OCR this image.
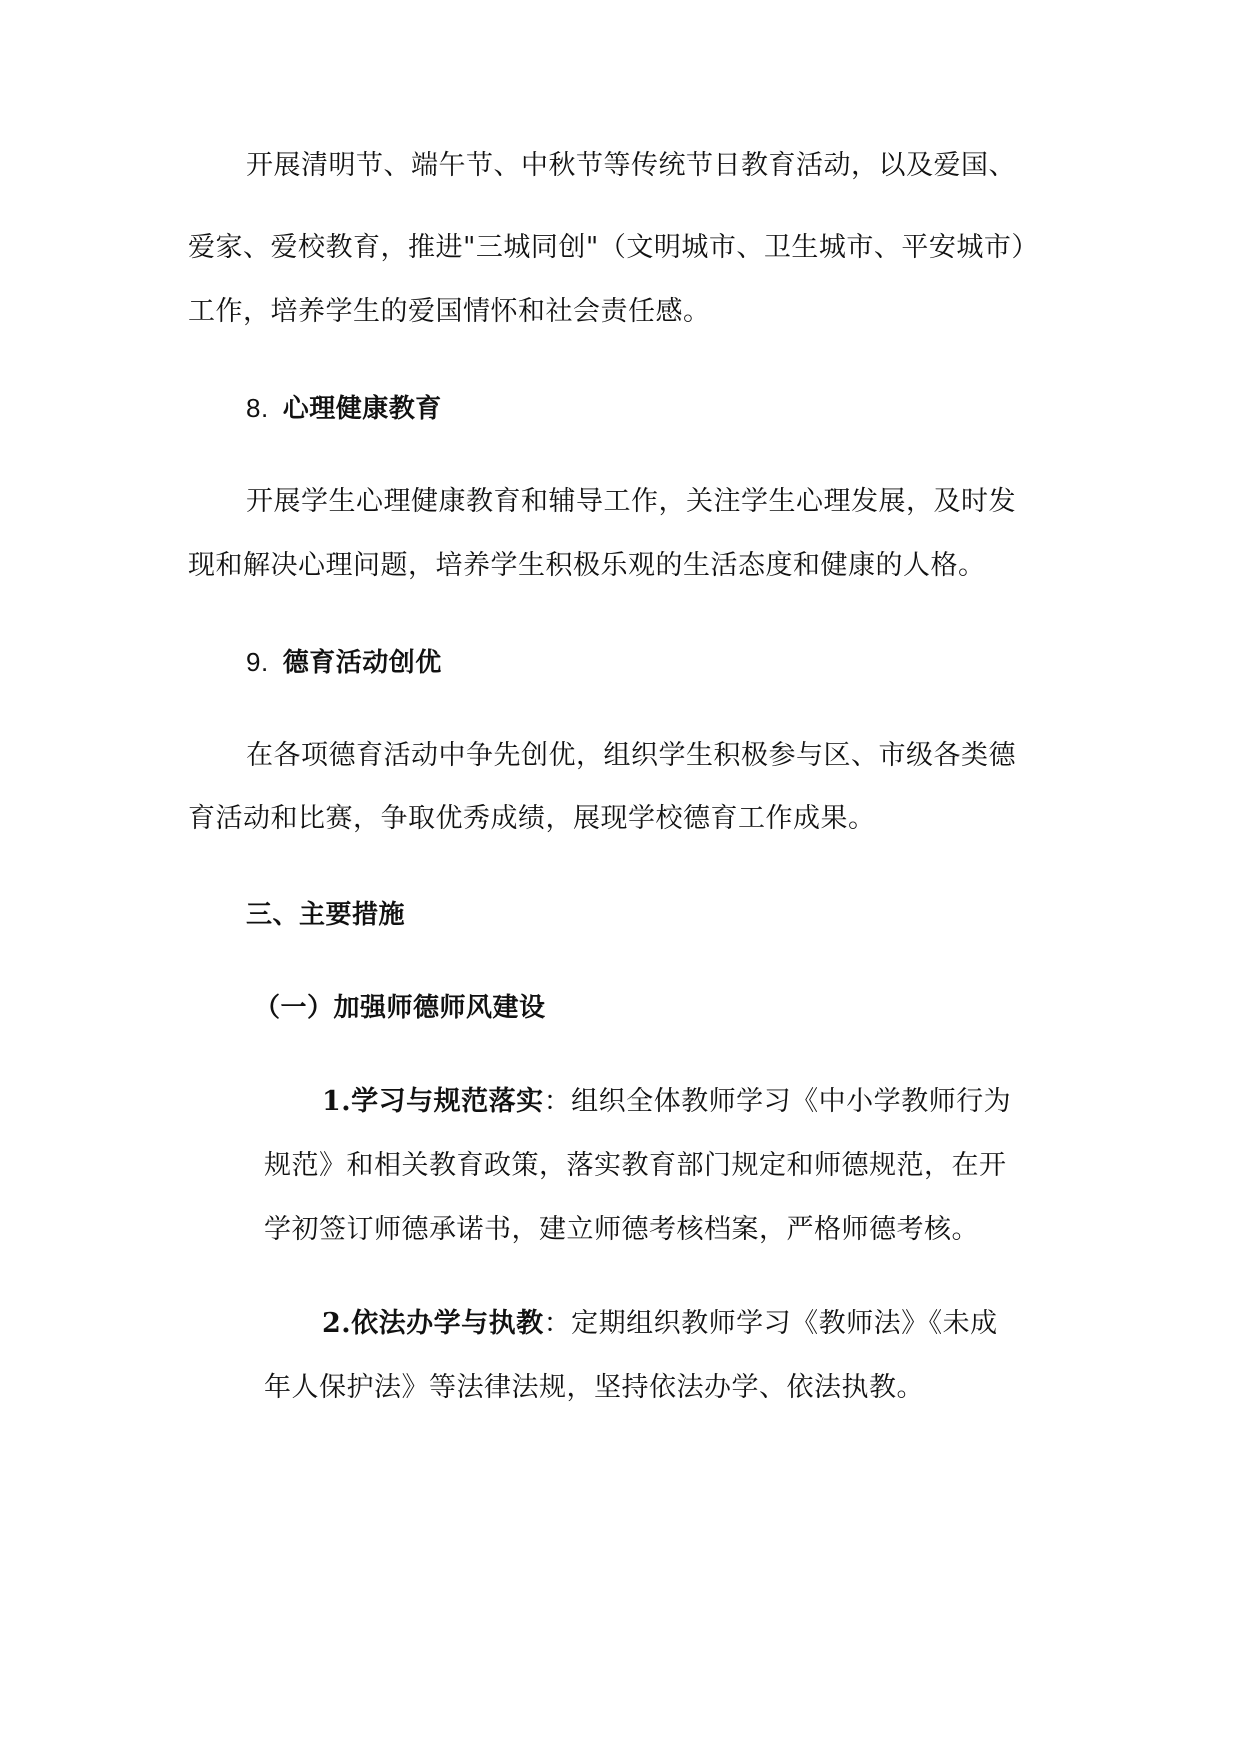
开展清明节、端午节、中秋节等传统节日教育活动，以及爱国、
爱家、爱校教育，推进"三城同创"（文明城市、卫生城市、平安城市）
工作，培养学生的爱国情怀和社会责任感。
8. 心理健康教育
开展学生心理健康教育和辅导工作，关注学生心理发展，及时发
现和解决心理问题，培养学生积极乐观的生活态度和健康的人格。
9. 德育活动创优
在各项德育活动中争先创优，组织学生积极参与区、市级各类德
育活动和比赛，争取优秀成绩，展现学校德育工作成果。
三、主要措施
（一）加强师德师风建设
1.学习与规范落实：组织全体教师学习《中小学教师行为
规范》和相关教育政策，落实教育部门规定和师德规范，在开
学初签订师德承诺书，建立师德考核档案，严格师德考核。
2.依法办学与执教：定期组织教师学习《教师法》《未成
年人保护法》等法律法规，坚持依法办学、依法执教。
